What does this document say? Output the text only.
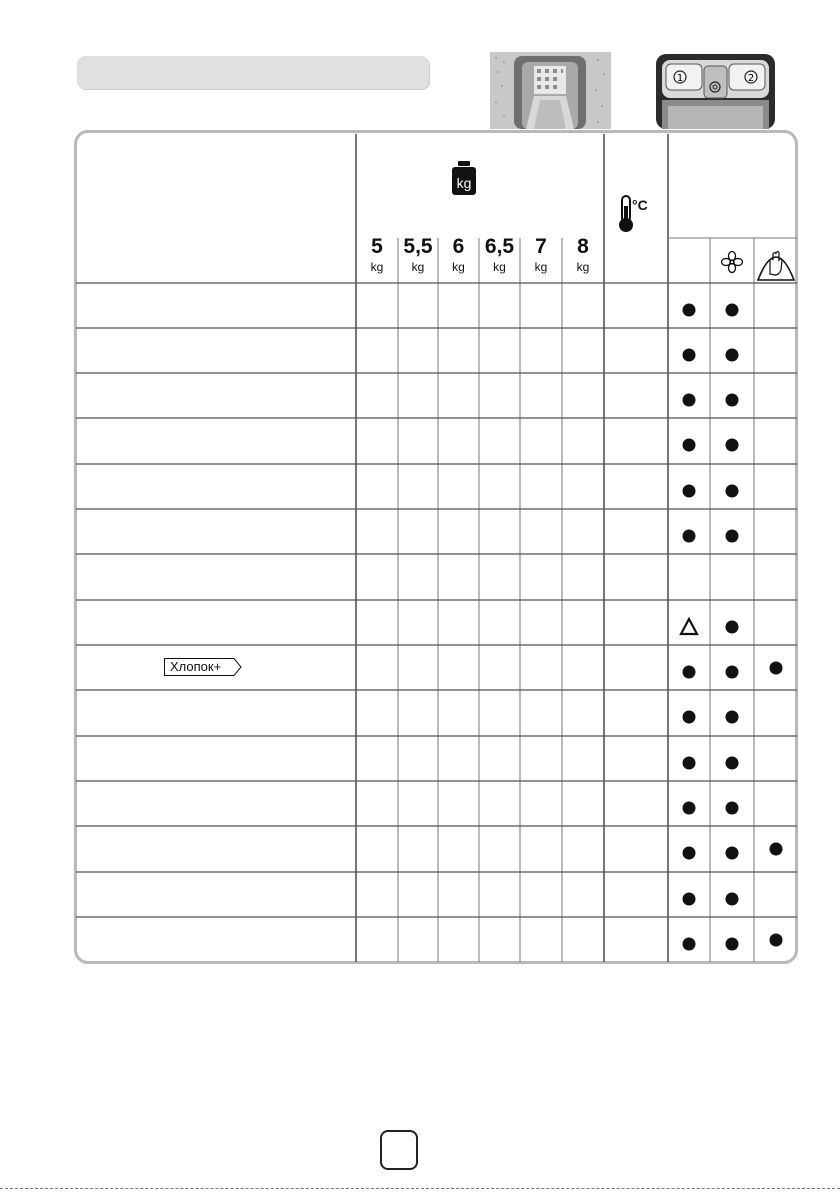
1	2
kg
°C
5
kg
5,5
kg
6
kg
6,5
kg
7
kg
8
kg
Хлопок+
